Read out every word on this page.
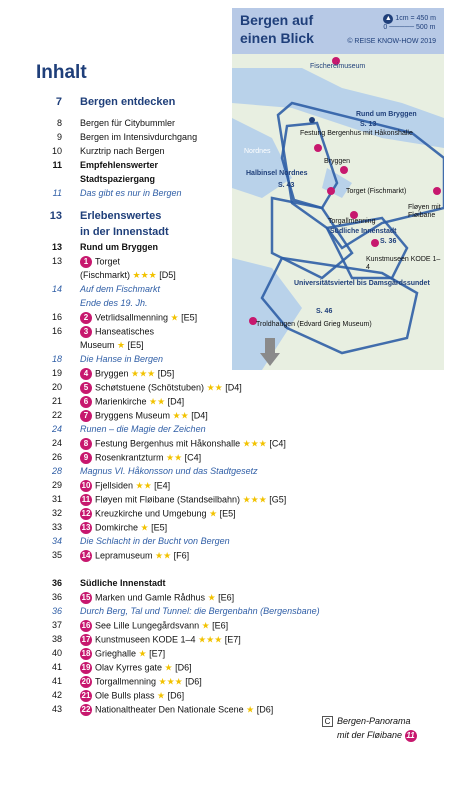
Inhalt
Bergen auf
einen Blick
▲ 1cm = 450 m
0 ───── 500 m
© REISE KNOW-HOW 2019
Fischereimuseum
Rund um Bryggen
S. 13
Festung Bergenhus mit Håkonshalle
Nordnes
Bryggen
Halbinsel Nordnes
S. 43
Torget (Fischmarkt)
Fløyen mit Fløibane
Torgallmenning
Südliche Innenstadt
S. 36
Kunstmuseen KODE 1–4
Universitätsviertel bis Damsgårdssundet
S. 46
Troldhaugen (Edvard Grieg Museum)
7 Bergen entdecken
8 Bergen für Citybummler
9 Bergen im Intensivdurchgang
10 Kurztrip nach Bergen
11 Empfehlenswerter
Stadtspaziergang
11 Das gibt es nur in Bergen
13 Erlebenswertes
in der Innenstadt
13 Rund um Bryggen
13	1 Torget
(Fischmarkt) ★★★ [D5]
14 Auf dem Fischmarkt
Ende des 19. Jh.
16	2 Vetrlidsallmenning ★ [E5]
16	3 Hanseatisches
Museum ★ [E5]
18 Die Hanse in Bergen
19	4 Bryggen ★★★ [D5]
20	5 Schøtstuene (Schötstuben) ★★ [D4]
21	6 Marienkirche ★★ [D4]
22	7 Bryggens Museum ★★ [D4]
24 Runen – die Magie der Zeichen
24	8 Festung Bergenhus mit Håkonshalle ★★★ [C4]
26	9 Rosenkrantzturm ★★ [C4]
28 Magnus VI. Håkonsson und das Stadtgesetz
29 10 Fjellsiden ★★ [E4]
31 11 Fløyen mit Fløibane (Standseilbahn) ★★★ [G5]
32 12 Kreuzkirche und Umgebung ★ [E5]
33 13 Domkirche ★ [E5]
34 Die Schlacht in der Bucht von Bergen
35 14 Lepramuseum ★★ [F6]
36 Südliche Innenstadt
36 15 Marken und Gamle Rådhus ★ [E6]
36 Durch Berg, Tal und Tunnel: die Bergenbahn (Bergensbane)
37 16 See Lille Lungegårdsvann ★ [E6]
38 17 Kunstmuseen KODE 1–4 ★★★ [E7]
40 18 Grieghalle ★ [E7]
41 19 Olav Kyrres gate ★ [D6]
41 20 Torgallmenning ★★★ [D6]
42 21 Ole Bulls plass ★ [D6]
43 22 Nationaltheater Den Nationale Scene ★ [D6]
C Bergen-Panorama
mit der Fløibane 11
